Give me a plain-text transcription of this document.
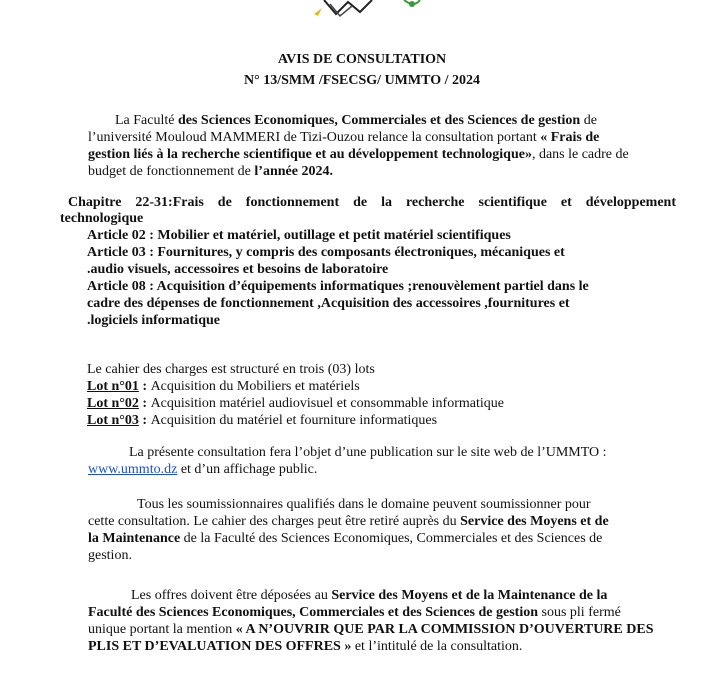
AVIS DE CONSULTATION

N° 13/SMM /FSECSG/ UMMTO / 2024

La Faculté des Sciences Economiques, Commerciales et des Sciences de gestion de

l’université Mouloud MAMMERI de Tizi-Ouzou relance la consultation portant « Frais de

gestion liés à la recherche scientifique et au développement technologique», dans le cadre de

budget de fonctionnement de l’année 2024.

Chapitre 22-31:Frais de fonctionnement de la recherche scientifique et développement

technologique

Article 02 : Mobilier et matériel, outillage et petit matériel scientifiques

Article 03 : Fournitures, y compris des composants électroniques, mécaniques et

.audio visuels, accessoires et besoins de laboratoire

Article 08 : Acquisition d’équipements informatiques ;renouvèlement partiel dans le

cadre des dépenses de fonctionnement ,Acquisition des accessoires ,fournitures et

.logiciels informatique

Le cahier des charges est structuré en trois (03) lots

Lot n°01 : Acquisition du Mobiliers et matériels

Lot n°02 : Acquisition matériel audiovisuel et consommable informatique

Lot n°03 : Acquisition du matériel et fourniture informatiques

La présente consultation fera l’objet d’une publication sur le site web de l’UMMTO :

www.ummto.dz et d’un affichage public.

Tous les soumissionnaires qualifiés dans le domaine peuvent soumissionner pour

cette consultation. Le cahier des charges peut être retiré auprès du Service des Moyens et de

la Maintenance de la Faculté des Sciences Economiques, Commerciales et des Sciences de

gestion.

Les offres doivent être déposées au Service des Moyens et de la Maintenance de la

Faculté des Sciences Economiques, Commerciales et des Sciences de gestion sous pli fermé

unique portant la mention « A N’OUVRIR QUE PAR LA COMMISSION D’OUVERTURE DES

PLIS ET D’EVALUATION DES OFFRES » et l’intitulé de la consultation.
